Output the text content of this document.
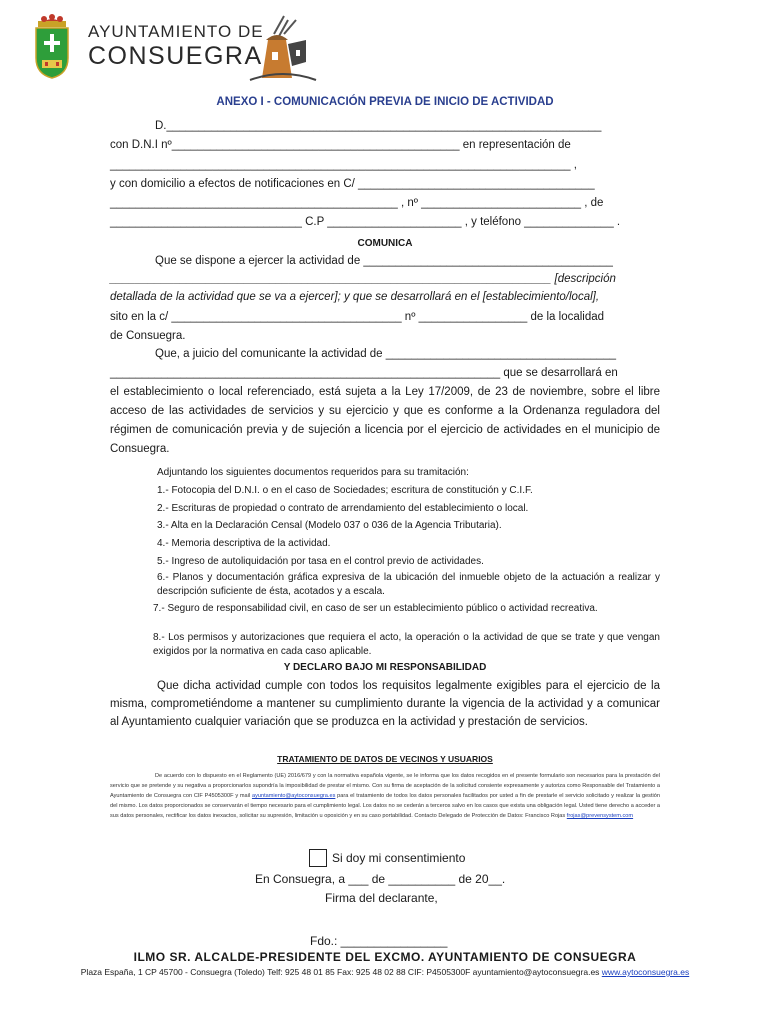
AYUNTAMIENTO DE
CONSUEGRA
ANEXO I - COMUNICACIÓN PREVIA DE INICIO DE ACTIVIDAD
D.____________________________________________________________________
con D.N.I nº_____________________________________________ en representación de
________________________________________________________________________ ,
y con domicilio a efectos de notificaciones en C/ _____________________________________
_____________________________________________ , nº _________________________ , de
______________________________ C.P _____________________ , y teléfono ______________ .
COMUNICA
Que se dispone a ejercer la actividad de _______________________________________
_____________________________________________________________________ [descripción
detallada de la actividad que se va a ejercer]; y que se desarrollará en el [establecimiento/local],
sito en la c/ ____________________________________ nº _________________ de la localidad
de Consuegra.
Que, a juicio del comunicante la actividad de ____________________________________
_____________________________________________________________ que se desarrollará en
el establecimiento o local referenciado, está sujeta a la Ley 17/2009, de 23 de noviembre, sobre el libre acceso de las actividades de servicios y su ejercicio y que es conforme a la Ordenanza reguladora del régimen de comunicación previa y de sujeción a licencia por el ejercicio de actividades en el municipio de Consuegra.
Adjuntando los siguientes documentos requeridos para su tramitación:
1.- Fotocopia del D.N.I. o en el caso de Sociedades; escritura de constitución y C.I.F.
2.- Escrituras de propiedad o contrato de arrendamiento del establecimiento o local.
3.- Alta en la Declaración Censal (Modelo 037 o 036 de la Agencia Tributaria).
4.- Memoria descriptiva de la actividad.
5.- Ingreso de autoliquidación por tasa en el control previo de actividades.
6.- Planos y documentación gráfica expresiva de la ubicación del inmueble objeto de la actuación a realizar y descripción suficiente de ésta, acotados y a escala.
7.- Seguro de responsabilidad civil, en caso de ser un establecimiento público o actividad recreativa.
8.- Los permisos y autorizaciones que requiera el acto, la operación o la actividad de que se trate y que vengan exigidos por la normativa en cada caso aplicable.
Y DECLARO BAJO MI RESPONSABILIDAD
Que dicha actividad cumple con todos los requisitos legalmente exigibles para el ejercicio de la misma, comprometiéndome a mantener su cumplimiento durante la vigencia de la actividad y a comunicar al Ayuntamiento cualquier variación que se produzca en la actividad y prestación de servicios.
TRATAMIENTO DE DATOS DE VECINOS Y USUARIOS
De acuerdo con lo dispuesto en el Reglamento (UE) 2016/679 y con la normativa española vigente, se le informa que los datos recogidos en el presente formulario son necesarios para la prestación del servicio que se pretende y su negativa a proporcionarlos supondría la imposibilidad de prestar el mismo. Con su firma de aceptación de la solicitud consiente expresamente y autoriza como Responsable del Tratamiento a Ayuntamiento de Consuegra con CIF P4505300F y mail ayuntamiento@aytoconsuegra.es para el tratamiento de todos los datos personales facilitados por usted a fin de prestarle el servicio solicitado y realizar la gestión del mismo. Los datos proporcionados se conservarán el tiempo necesario para el cumplimiento legal. Los datos no se cederán a terceros salvo en los casos que exista una obligación legal. Usted tiene derecho a acceder a sus datos personales, rectificar los datos inexactos, solicitar su supresión, limitación u oposición y en su caso portabilidad. Contacto Delegado de Protección de Datos: Francisco Rojas frojas@prevensystem.com
Si doy mi consentimiento
En Consuegra, a ___ de __________ de 20__.
Firma del declarante,
Fdo.: ________________
ILMO SR. ALCALDE-PRESIDENTE DEL EXCMO. AYUNTAMIENTO DE CONSUEGRA
Plaza España, 1 CP 45700 - Consuegra (Toledo) Telf: 925 48 01 85 Fax: 925 48 02 88 CIF: P4505300F ayuntamiento@aytoconsuegra.es www.aytoconsuegra.es
